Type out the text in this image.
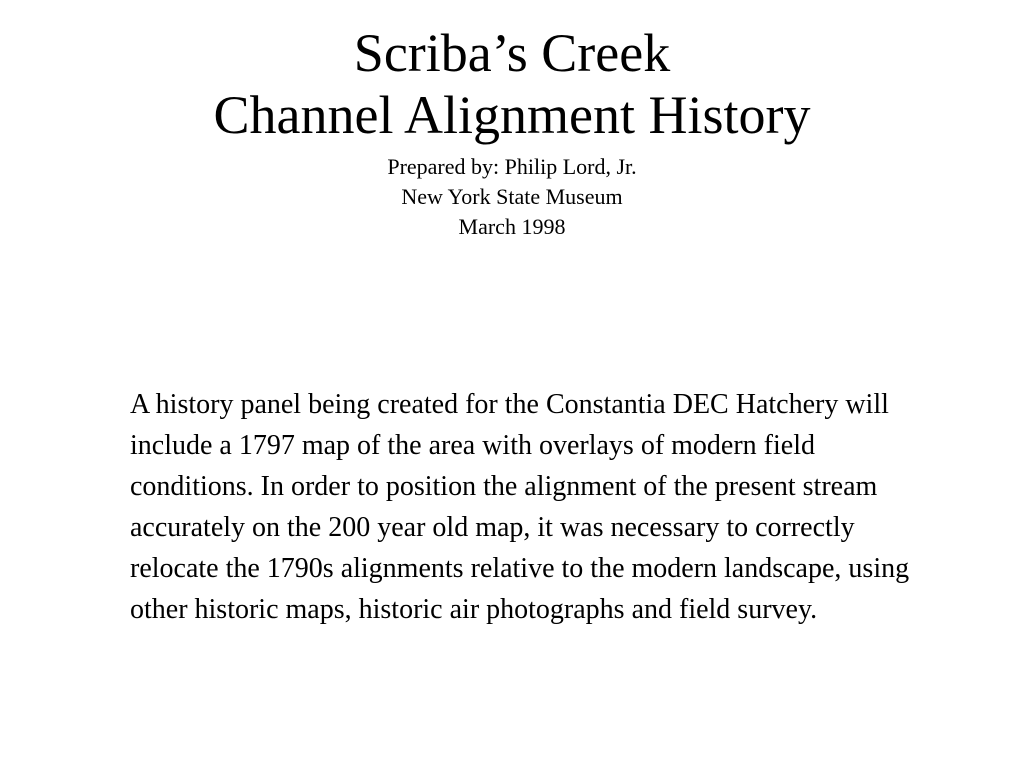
Scriba’s Creek
Channel Alignment History
Prepared by: Philip Lord, Jr.
New York State Museum
March 1998
A history panel being created for the Constantia DEC Hatchery will include a 1797 map of the area with overlays of modern field conditions. In order to position the alignment of the present stream accurately on the 200 year old map, it was necessary to correctly relocate the 1790s alignments relative to the modern landscape, using other historic maps, historic air photographs and field survey.
